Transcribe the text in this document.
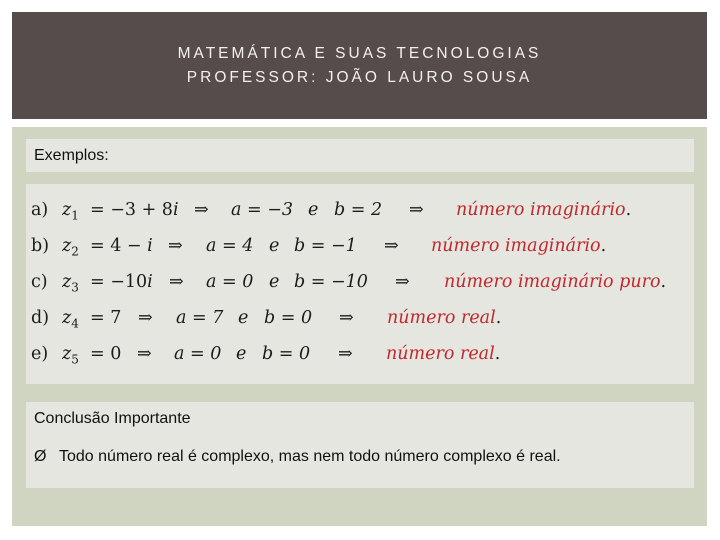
MATEMÁTICA E SUAS TECNOLOGIAS
PROFESSOR: JOÃO LAURO SOUSA
Exemplos:
a) $z_1 = -3 + 8i$ ⇒ a = −3 e b = 2 ⇒ número imaginário.
b) $z_2 = 4 - i$ ⇒ a = 4 e b = −1 ⇒ número imaginário.
c) $z_3 = -10i$ ⇒ a = 0 e b = −10 ⇒ número imaginário puro.
d) $z_4 = 7$ ⇒ a = 7 e b = 0 ⇒ número real.
e) $z_5 = 0$ ⇒ a = 0 e b = 0 ⇒ número real.
Conclusão Importante
Ø Todo número real é complexo, mas nem todo número complexo é real.
